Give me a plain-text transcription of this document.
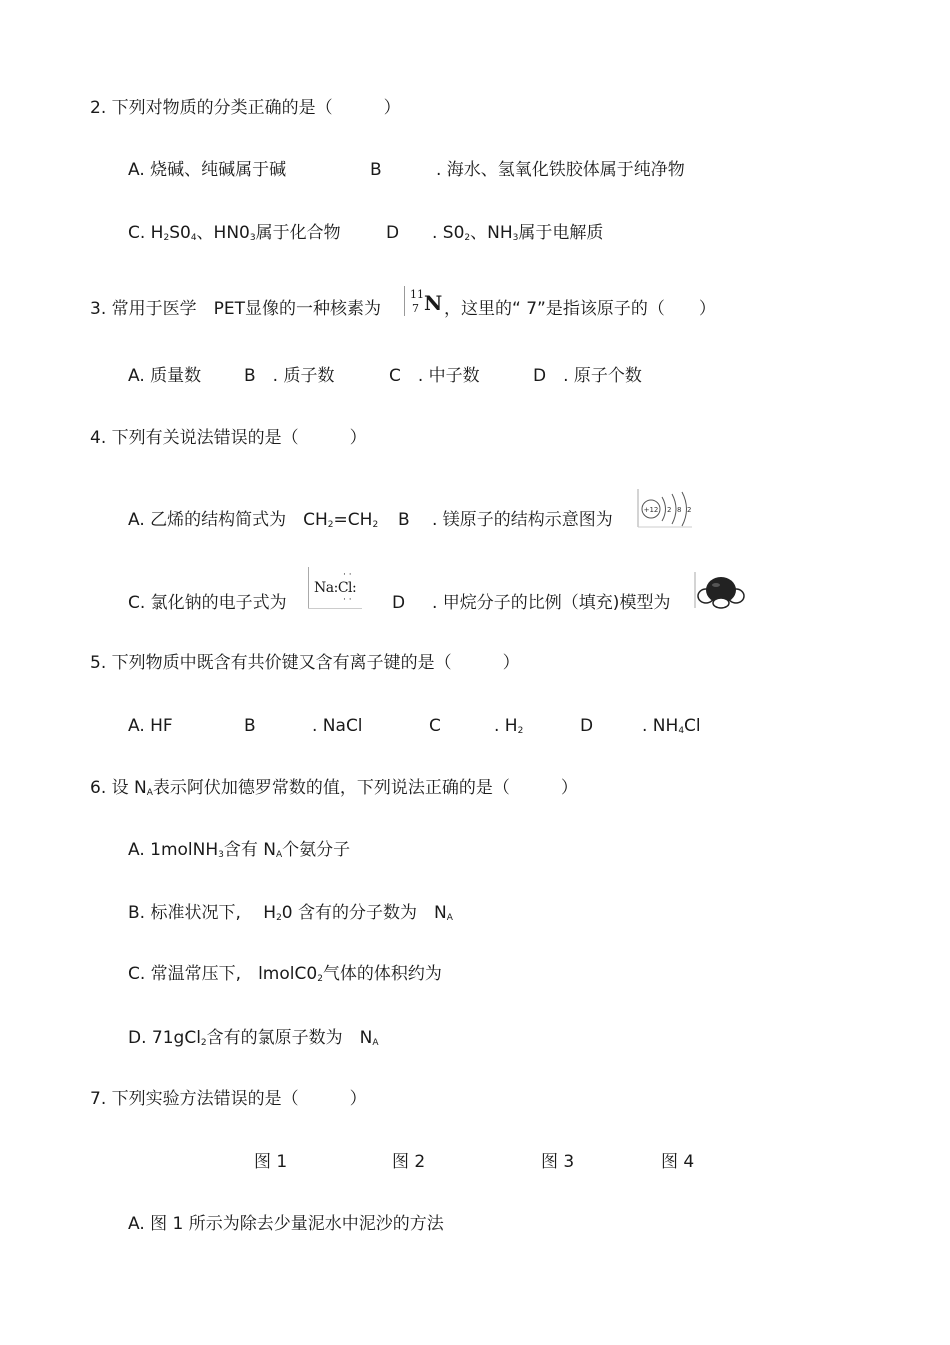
2. 下列对物质的分类正确的是（　　　）
A. 烧碱、纯碱属于碱	B	. 海水、氢氧化铁胶体属于纯净物
C. $H_2S0_4$、$HN0_3$属于化合物	D . $S0_2$、$NH_3$属于电解质
3. 常用于医学　PET显像的一种核素为
11
7 N ，这里的“ 7”是指该原子的（　　）
A. 质量数	B　. 质子数	C　. 中子数	D　. 原子个数
4. 下列有关说法错误的是（　　　）
A. 乙烯的结构简式为　$CH_2=CH_2$ B . 镁原子的结构示意图为	+12 2 8 2
C. 氯化钠的电子式为
Na:Cl:
· ·
· · D . 甲烷分子的比例（填充)模型为
5. 下列物质中既含有共价键又含有离子键的是（　　　）
A. HF	B	. NaCl	C	. $H_2$	D	. $NH_4Cl$
6. 设 $N_A$表示阿伏加德罗常数的值，下列说法正确的是（　　　）
A. 1molNH$_3$含有 $N_A$个氨分子
B. 标准状况下,　 $H_20$ 含有的分子数为　$N_A$
C. 常温常压下,　$lmolC0_2$气体的体积约为
D. 71gCl$_2$含有的氯原子数为　$N_A$
7. 下列实验方法错误的是（　　　）
图 1	图 2	图 3	图 4
A. 图 1 所示为除去少量泥水中泥沙的方法
